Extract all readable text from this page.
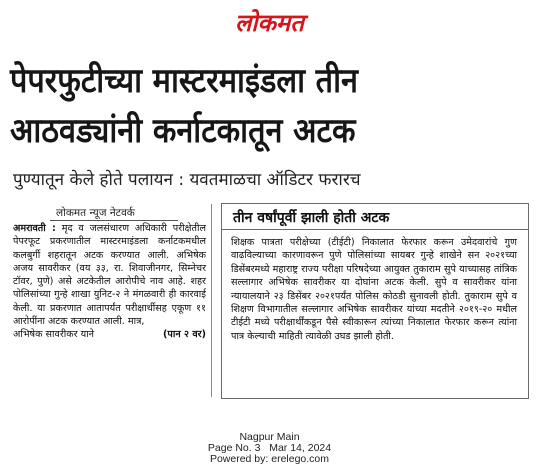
लोकमत
पेपरफुटीच्या मास्टरमाइंडला तीन
आठवड्यांनी कर्नाटकातून अटक
पुण्यातून केले होते पलायन : यवतमाळचा ऑडिटर फरारच
लोकमत न्यूज नेटवर्क
अमरावती : मृद व जलसंधारण अधिकारी परीक्षेतील पेपरफूट प्रकरणातील मास्टरमाइंडला कर्नाटकमधील कलबुर्गी शहरातून अटक करण्यात आली. अभिषेक अजय सावरीकर (वय ३३, रा. शिवाजीनगर, सिम्नेचर टॉवर, पुणे) असे अटकेतील आरोपीचे नाव आहे. शहर पोलिसांच्या गुन्हे शाखा युनिट-२ ने मंगळवारी ही कारवाई केली. या प्रकरणात आतापर्यंत परीक्षार्थीसह एकूण ११ आरोपींना अटक करण्यात आली. मात्र,
अभिषेक सावरीकर याने	(पान २ वर)
तीन वर्षांपूर्वी झाली होती अटक
शिक्षक पात्रता परीक्षेच्या (टीईटी) निकालात फेरफार करून उमेदवारांचे गुण वाढविल्याच्या कारणावरून पुणे पोलिसांच्या सायबर गुन्हे शाखेने सन २०२१च्या डिसेंबरमध्ये महाराष्ट्र राज्य परीक्षा परिषदेच्या आयुक्त तुकाराम सुपे याच्यासह तांत्रिक सल्लागार अभिषेक सावरीकर या दोघांना अटक केली. सुपे व सावरीकर यांना न्यायालयाने २३ डिसेंबर २०२१पर्यंत पोलिस कोठडी सुनावली होती. तुकाराम सुपे व शिक्षण विभागातील सल्लागार अभिषेक सावरीकर यांच्या मदतीने २०१९-२० मधील टीईटी मध्ये परीक्षार्थींकडून पैसे स्वीकारून त्यांच्या निकालात फेरफार करून त्यांना पात्र केल्याची माहिती त्यावेळी उघड झाली होती.
Nagpur Main
Page No. 3 Mar 14, 2024
Powered by: erelego.com
